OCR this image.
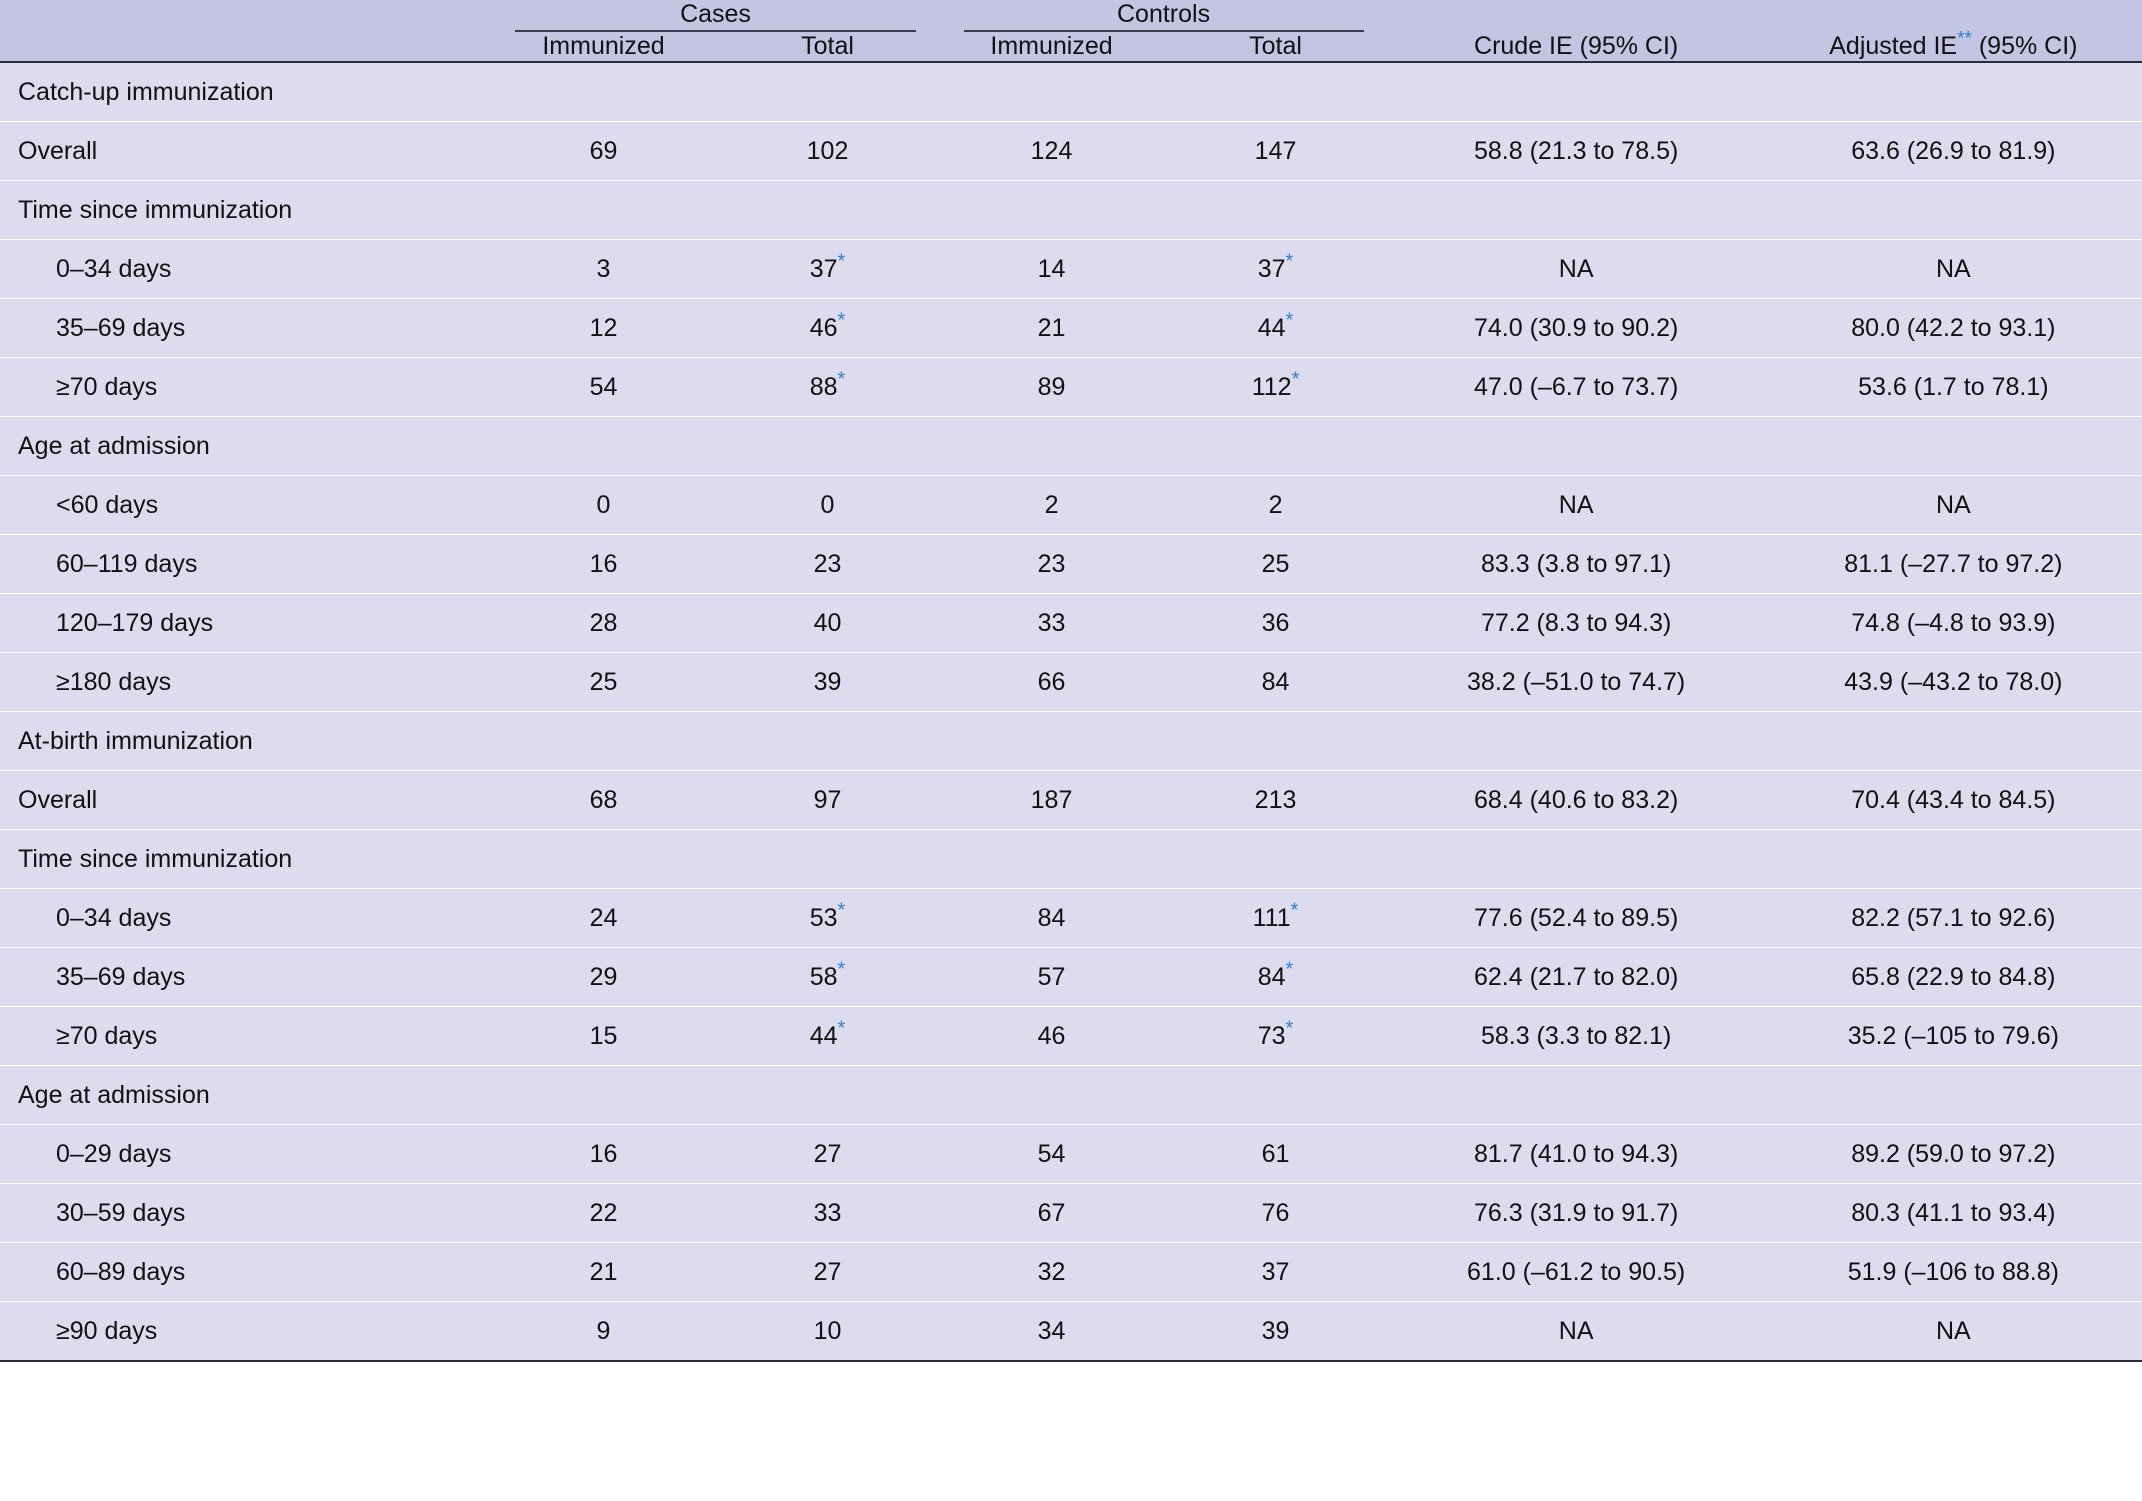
	Cases		Controls			

	Immunized	Total	Immunized	Total	Crude IE (95% CI)	Adjusted IE** (95% CI)

Catch-up immunization						
Overall	69	102	124	147	58.8 (21.3 to 78.5)	63.6 (26.9 to 81.9)
Time since immunization						
0–34 days	3	37*	14	37*	NA	NA
35–69 days	12	46*	21	44*	74.0 (30.9 to 90.2)	80.0 (42.2 to 93.1)
≥70 days	54	88*	89	112*	47.0 (–6.7 to 73.7)	53.6 (1.7 to 78.1)
Age at admission						
<60 days	0	0	2	2	NA	NA
60–119 days	16	23	23	25	83.3 (3.8 to 97.1)	81.1 (–27.7 to 97.2)
120–179 days	28	40	33	36	77.2 (8.3 to 94.3)	74.8 (–4.8 to 93.9)
≥180 days	25	39	66	84	38.2 (–51.0 to 74.7)	43.9 (–43.2 to 78.0)
At-birth immunization						
Overall	68	97	187	213	68.4 (40.6 to 83.2)	70.4 (43.4 to 84.5)
Time since immunization						
0–34 days	24	53*	84	111*	77.6 (52.4 to 89.5)	82.2 (57.1 to 92.6)
35–69 days	29	58*	57	84*	62.4 (21.7 to 82.0)	65.8 (22.9 to 84.8)
≥70 days	15	44*	46	73*	58.3 (3.3 to 82.1)	35.2 (–105 to 79.6)
Age at admission						
0–29 days	16	27	54	61	81.7 (41.0 to 94.3)	89.2 (59.0 to 97.2)
30–59 days	22	33	67	76	76.3 (31.9 to 91.7)	80.3 (41.1 to 93.4)
60–89 days	21	27	32	37	61.0 (–61.2 to 90.5)	51.9 (–106 to 88.8)
≥90 days	9	10	34	39	NA	NA
